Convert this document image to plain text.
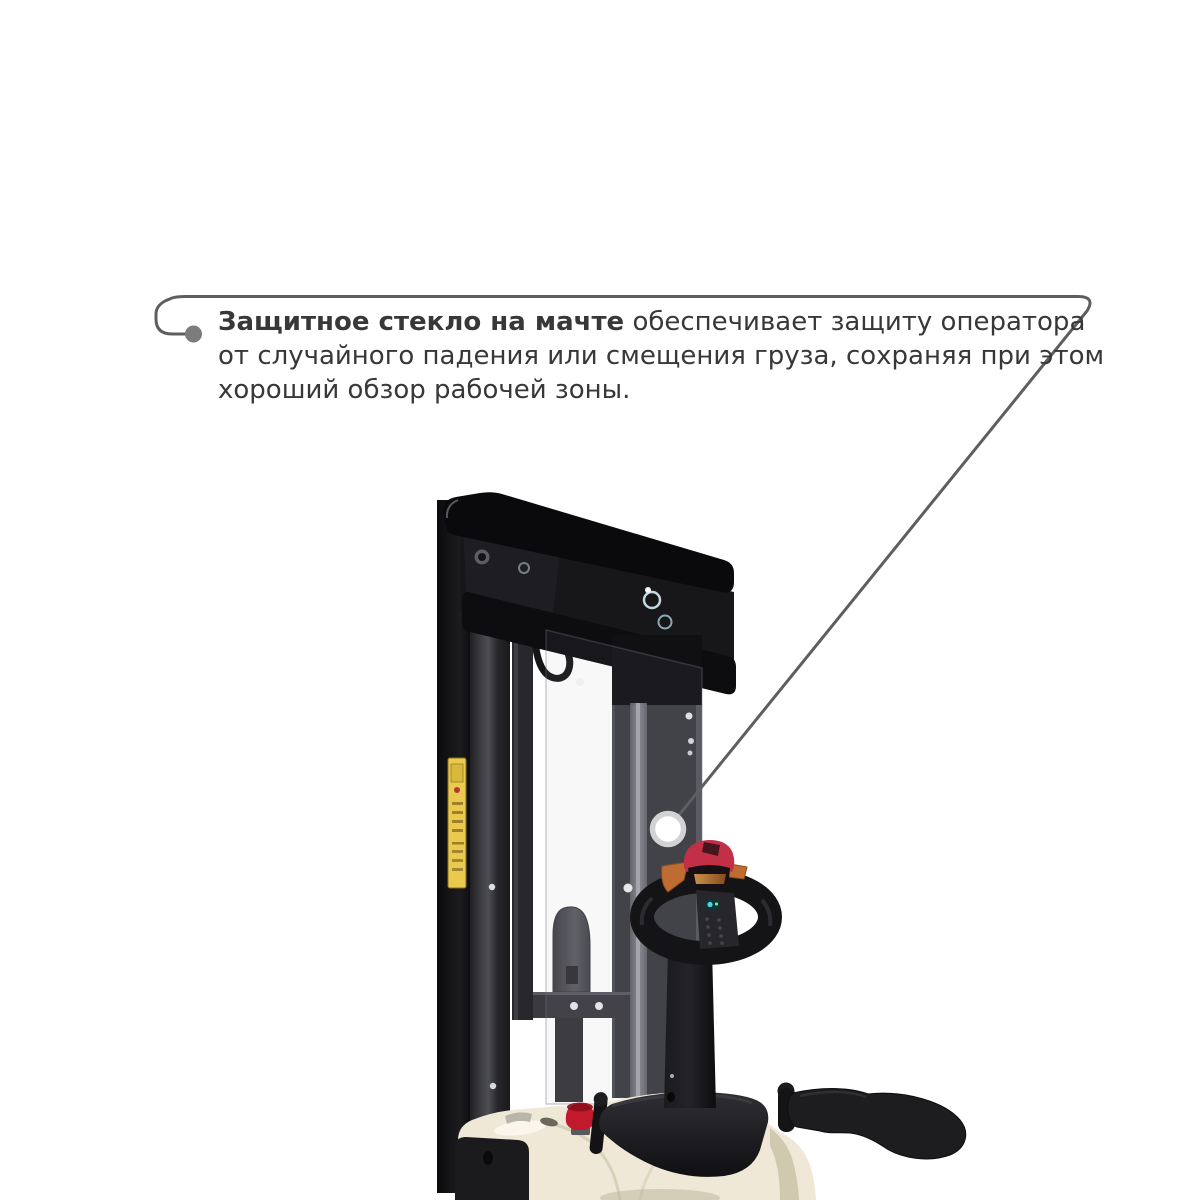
Защитное стекло на мачте обеспечивает защиту оператора
от случайного падения или смещения груза, сохраняя при этом
хороший обзор рабочей зоны.
